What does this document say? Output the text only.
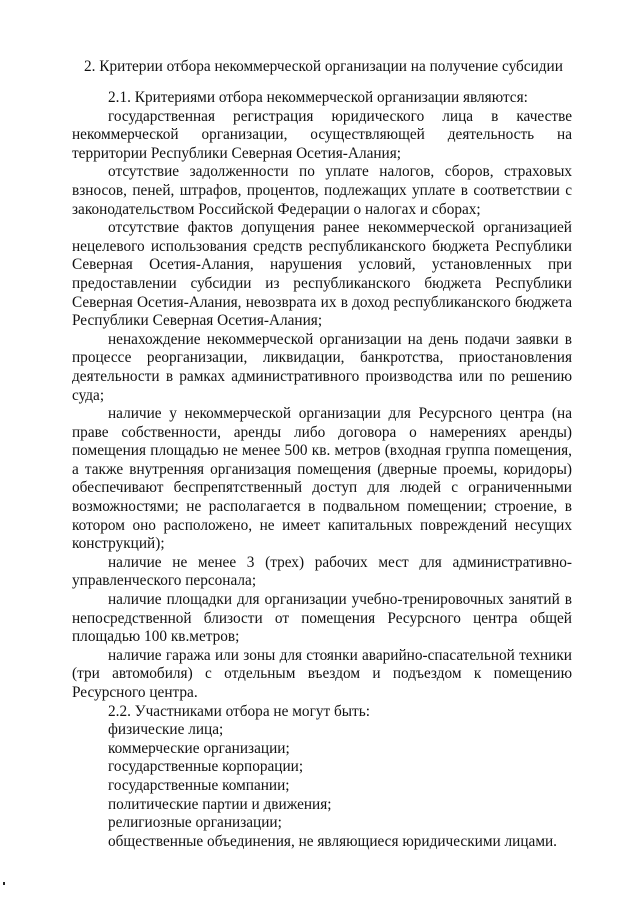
2. Критерии отбора некоммерческой организации на получение субсидии

2.1. Критериями отбора некоммерческой организации являются:

государственная регистрация юридического лица в качестве некоммерческой организации, осуществляющей деятельность на территории Республики Северная Осетия-Алания;

отсутствие задолженности по уплате налогов, сборов, страховых взносов, пеней, штрафов, процентов, подлежащих уплате в соответствии с законодательством Российской Федерации о налогах и сборах;

отсутствие фактов допущения ранее некоммерческой организацией нецелевого использования средств республиканского бюджета Республики Северная Осетия-Алания, нарушения условий, установленных при предоставлении субсидии из республиканского бюджета Республики Северная Осетия-Алания, невозврата их в доход республиканского бюджета Республики Северная Осетия-Алания;

ненахождение некоммерческой организации на день подачи заявки в процессе реорганизации, ликвидации, банкротства, приостановления деятельности в рамках административного производства или по решению суда;

наличие у некоммерческой организации для Ресурсного центра (на праве собственности, аренды либо договора о намерениях аренды) помещения площадью не менее 500 кв. метров (входная группа помещения, а также внутренняя организация помещения (дверные проемы, коридоры) обеспечивают беспрепятственный доступ для людей с ограниченными возможностями; не располагается в подвальном помещении; строение, в котором оно расположено, не имеет капитальных повреждений несущих конструкций);

наличие не менее 3 (трех) рабочих мест для административно-управленческого персонала;

наличие площадки для организации учебно-тренировочных занятий в непосредственной близости от помещения Ресурсного центра общей площадью 100 кв.метров;

наличие гаража или зоны для стоянки аварийно-спасательной техники (три автомобиля) с отдельным въездом и подъездом к помещению Ресурсного центра.

2.2. Участниками отбора не могут быть:

физические лица;
коммерческие организации;
государственные корпорации;
государственные компании;
политические партии и движения;
религиозные организации;
общественные объединения, не являющиеся юридическими лицами.
